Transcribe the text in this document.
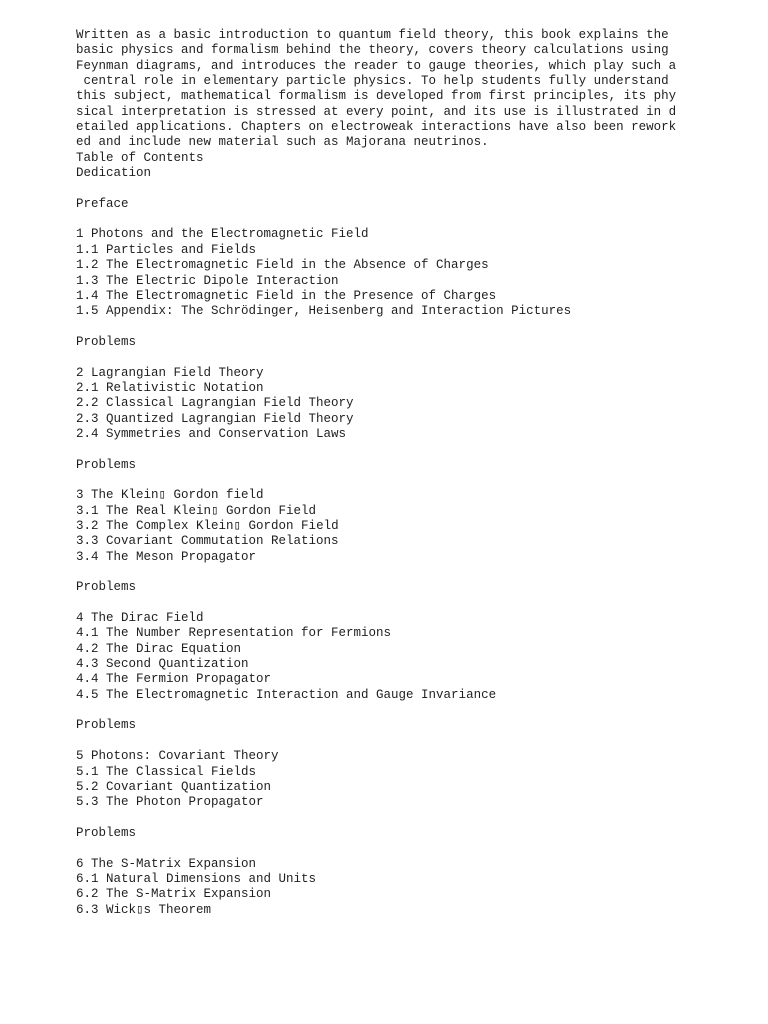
Written as a basic introduction to quantum field theory, this book explains the
basic physics and formalism behind the theory, covers theory calculations using
Feynman diagrams, and introduces the reader to gauge theories, which play such a
central role in elementary particle physics. To help students fully understand
this subject, mathematical formalism is developed from first principles, its phy
sical interpretation is stressed at every point, and its use is illustrated in d
etailed applications. Chapters on electroweak interactions have also been rework
ed and include new material such as Majorana neutrinos.
Table of Contents
Dedication
Preface
1 Photons and the Electromagnetic Field
1.1 Particles and Fields
1.2 The Electromagnetic Field in the Absence of Charges
1.3 The Electric Dipole Interaction
1.4 The Electromagnetic Field in the Presence of Charges
1.5 Appendix: The Schrödinger, Heisenberg and Interaction Pictures
Problems
2 Lagrangian Field Theory
2.1 Relativistic Notation
2.2 Classical Lagrangian Field Theory
2.3 Quantized Lagrangian Field Theory
2.4 Symmetries and Conservation Laws
Problems
3 The Klein▯ Gordon field
3.1 The Real Klein▯ Gordon Field
3.2 The Complex Klein▯ Gordon Field
3.3 Covariant Commutation Relations
3.4 The Meson Propagator
Problems
4 The Dirac Field
4.1 The Number Representation for Fermions
4.2 The Dirac Equation
4.3 Second Quantization
4.4 The Fermion Propagator
4.5 The Electromagnetic Interaction and Gauge Invariance
Problems
5 Photons: Covariant Theory
5.1 The Classical Fields
5.2 Covariant Quantization
5.3 The Photon Propagator
Problems
6 The S-Matrix Expansion
6.1 Natural Dimensions and Units
6.2 The S-Matrix Expansion
6.3 Wick▯s Theorem
